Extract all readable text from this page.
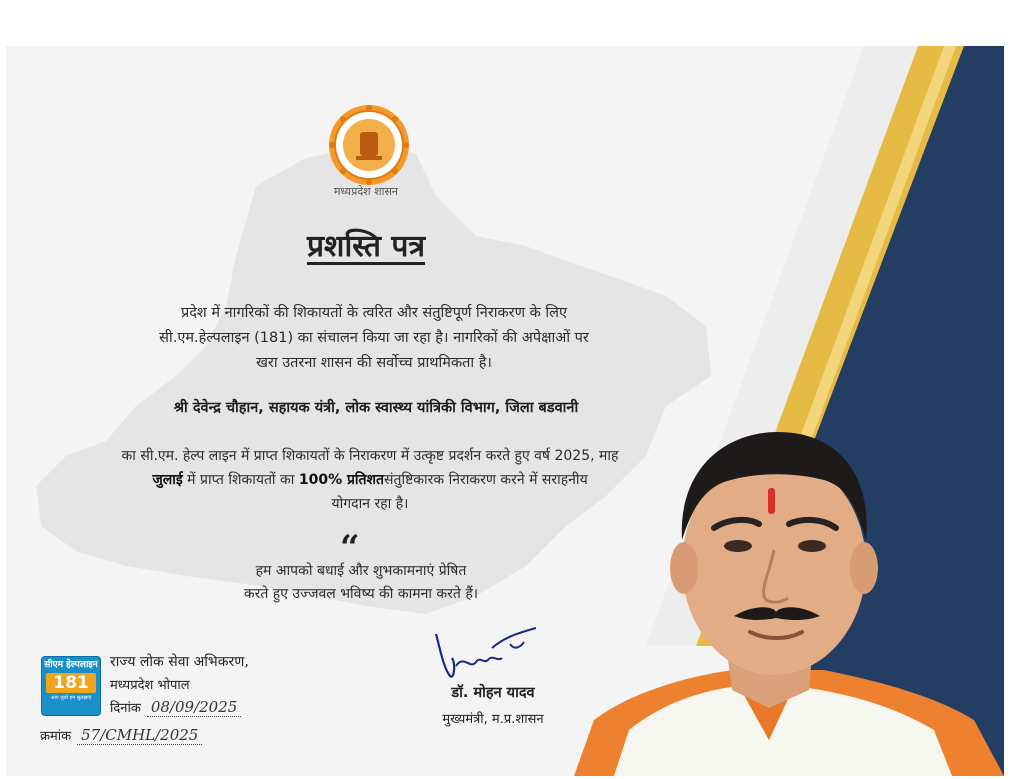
मध्यप्रदेश शासन

प्रशस्ति पत्र
प्रदेश में नागरिकों की शिकायतों के त्वरित और संतुष्टिपूर्ण निराकरण के लिए
सी.एम.हेल्पलाइन (181) का संचालन किया जा रहा है। नागरिकों की अपेक्षाओं पर
खरा उतरना शासन की सर्वोच्च प्राथमिकता है।

श्री देवेन्द्र चौहान, सहायक यंत्री, लोक स्वास्थ्य यांत्रिकी विभाग, जिला बडवानी

का सी.एम. हेल्प लाइन में प्राप्त शिकायतों के निराकरण में उत्कृष्ट प्रदर्शन करते हुए वर्ष 2025, माह
जुलाई में प्राप्त शिकायतों का 100% प्रतिशतसंतुष्टिकारक निराकरण करने में सराहनीय
योगदान रहा है।
“
हम आपको बधाई और शुभकामनाएं प्रेषित
करते हुए उज्जवल भविष्य की कामना करते हैं।

डॉ. मोहन यादव

मुख्यमंत्री, म.प्र.शासन

सीएम हेल्पलाइन
181
आप पूछो हम सुलझाएं

राज्य लोक सेवा अभिकरण,

मध्यप्रदेश भोपाल

दिनांक 08/09/2025

क्रमांक 57/CMHL/2025
